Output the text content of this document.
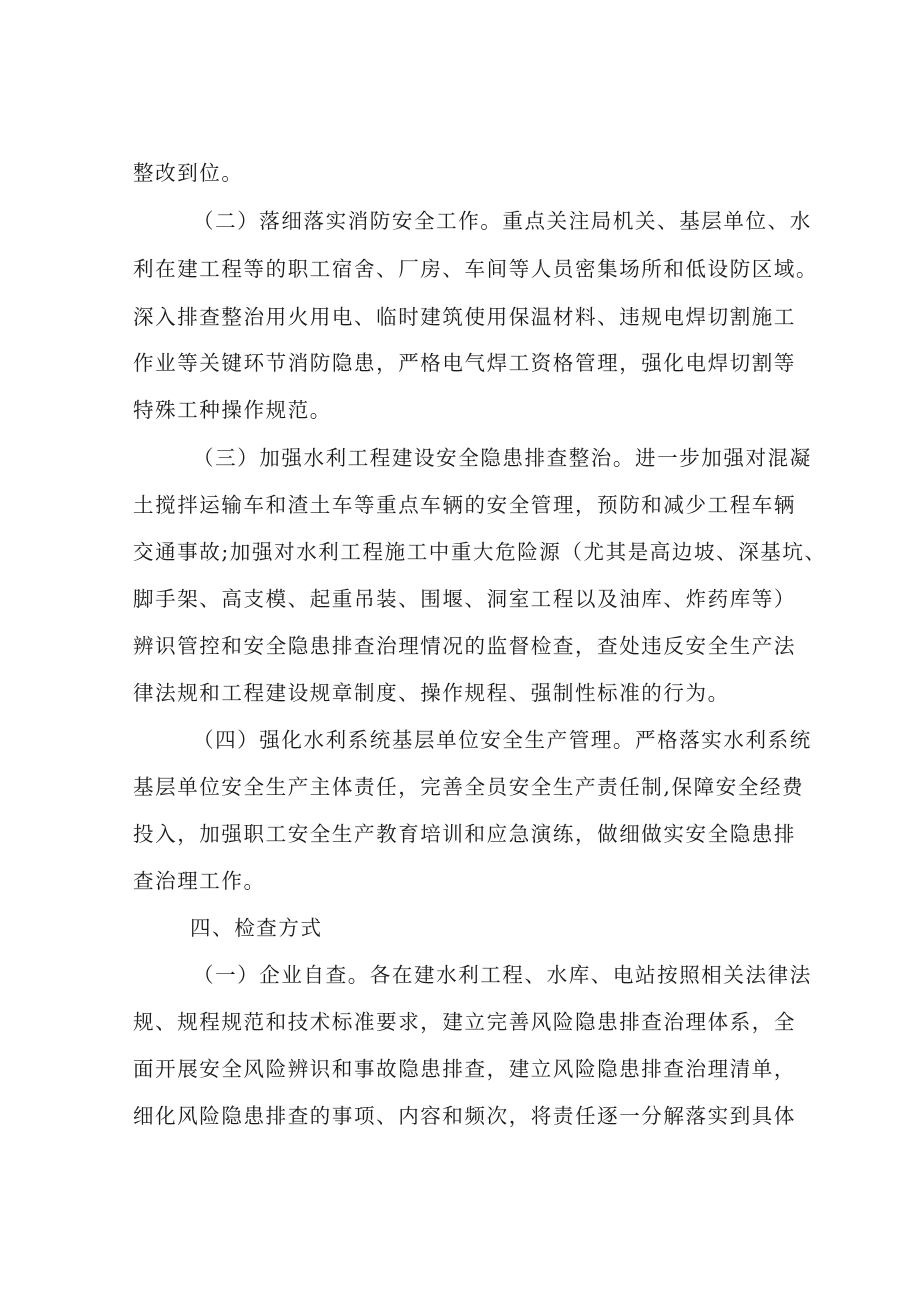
整改到位。
（二）落细落实消防安全工作。重点关注局机关、基层单位、水
利在建工程等的职工宿舍、厂房、车间等人员密集场所和低设防区域。
深入排查整治用火用电、临时建筑使用保温材料、违规电焊切割施工
作业等关键环节消防隐患，严格电气焊工资格管理，强化电焊切割等
特殊工种操作规范。
（三）加强水利工程建设安全隐患排查整治。进一步加强对混凝
土搅拌运输车和渣土车等重点车辆的安全管理，预防和减少工程车辆
交通事故;加强对水利工程施工中重大危险源（尤其是高边坡、深基坑、
脚手架、高支模、起重吊装、围堰、洞室工程以及油库、炸药库等）
辨识管控和安全隐患排查治理情况的监督检查，查处违反安全生产法
律法规和工程建设规章制度、操作规程、强制性标准的行为。
（四）强化水利系统基层单位安全生产管理。严格落实水利系统
基层单位安全生产主体责任，完善全员安全生产责任制,保障安全经费
投入，加强职工安全生产教育培训和应急演练，做细做实安全隐患排
查治理工作。
四、检查方式
（一）企业自查。各在建水利工程、水库、电站按照相关法律法
规、规程规范和技术标准要求，建立完善风险隐患排查治理体系，全
面开展安全风险辨识和事故隐患排查，建立风险隐患排查治理清单，
细化风险隐患排查的事项、内容和频次，将责任逐一分解落实到具体
